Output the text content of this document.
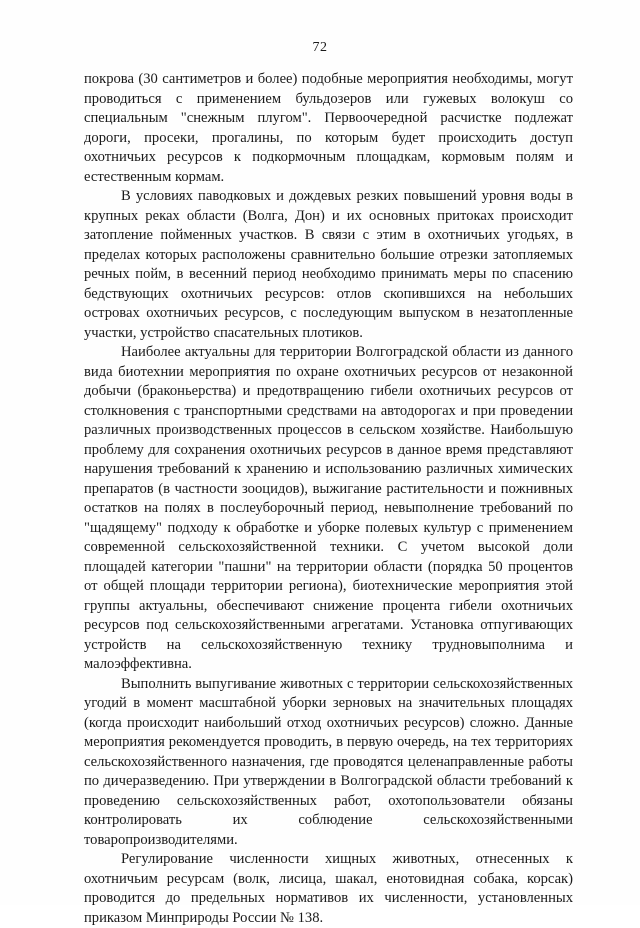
72

покрова (30 сантиметров и более) подобные мероприятия необходимы, могут проводиться с применением бульдозеров или гужевых волокуш со специальным "снежным плугом". Первоочередной расчистке подлежат дороги, просеки, прогалины, по которым будет происходить доступ охотничьих ресурсов к подкормочным площадкам, кормовым полям и естественным кормам.

В условиях паводковых и дождевых резких повышений уровня воды в крупных реках области (Волга, Дон) и их основных притоках происходит затопление пойменных участков. В связи с этим в охотничьих угодьях, в пределах которых расположены сравнительно большие отрезки затопляемых речных пойм, в весенний период необходимо принимать меры по спасению бедствующих охотничьих ресурсов: отлов скопившихся на небольших островах охотничьих ресурсов, с последующим выпуском в незатопленные участки, устройство спасательных плотиков.

Наиболее актуальны для территории Волгоградской области из данного вида биотехнии мероприятия по охране охотничьих ресурсов от незаконной добычи (браконьерства) и предотвращению гибели охотничьих ресурсов от столкновения с транспортными средствами на автодорогах и при проведении различных производственных процессов в сельском хозяйстве. Наибольшую проблему для сохранения охотничьих ресурсов в данное время представляют нарушения требований к хранению и использованию различных химических препаратов (в частности зооцидов), выжигание растительности и пожнивных остатков на полях в послеуборочный период, невыполнение требований по "щадящему" подходу к обработке и уборке полевых культур с применением современной сельскохозяйственной техники. С учетом высокой доли площадей категории "пашни" на территории области (порядка 50 процентов от общей площади территории региона), биотехнические мероприятия этой группы актуальны, обеспечивают снижение процента гибели охотничьих ресурсов под сельскохозяйственными агрегатами. Установка отпугивающих устройств на сельскохозяйственную технику трудновыполнима и малоэффективна.

Выполнить выпугивание животных с территории сельскохозяйственных угодий в момент масштабной уборки зерновых на значительных площадях (когда происходит наибольший отход охотничьих ресурсов) сложно. Данные мероприятия рекомендуется проводить, в первую очередь, на тех территориях сельскохозяйственного назначения, где проводятся целенаправленные работы по дичеразведению. При утверждении в Волгоградской области требований к проведению сельскохозяйственных работ, охотопользователи обязаны контролировать их соблюдение сельскохозяйственными товаропроизводителями.

Регулирование численности хищных животных, отнесенных к охотничьим ресурсам (волк, лисица, шакал, енотовидная собака, корсак) проводится до предельных нормативов их численности, установленных приказом Минприроды России № 138.
